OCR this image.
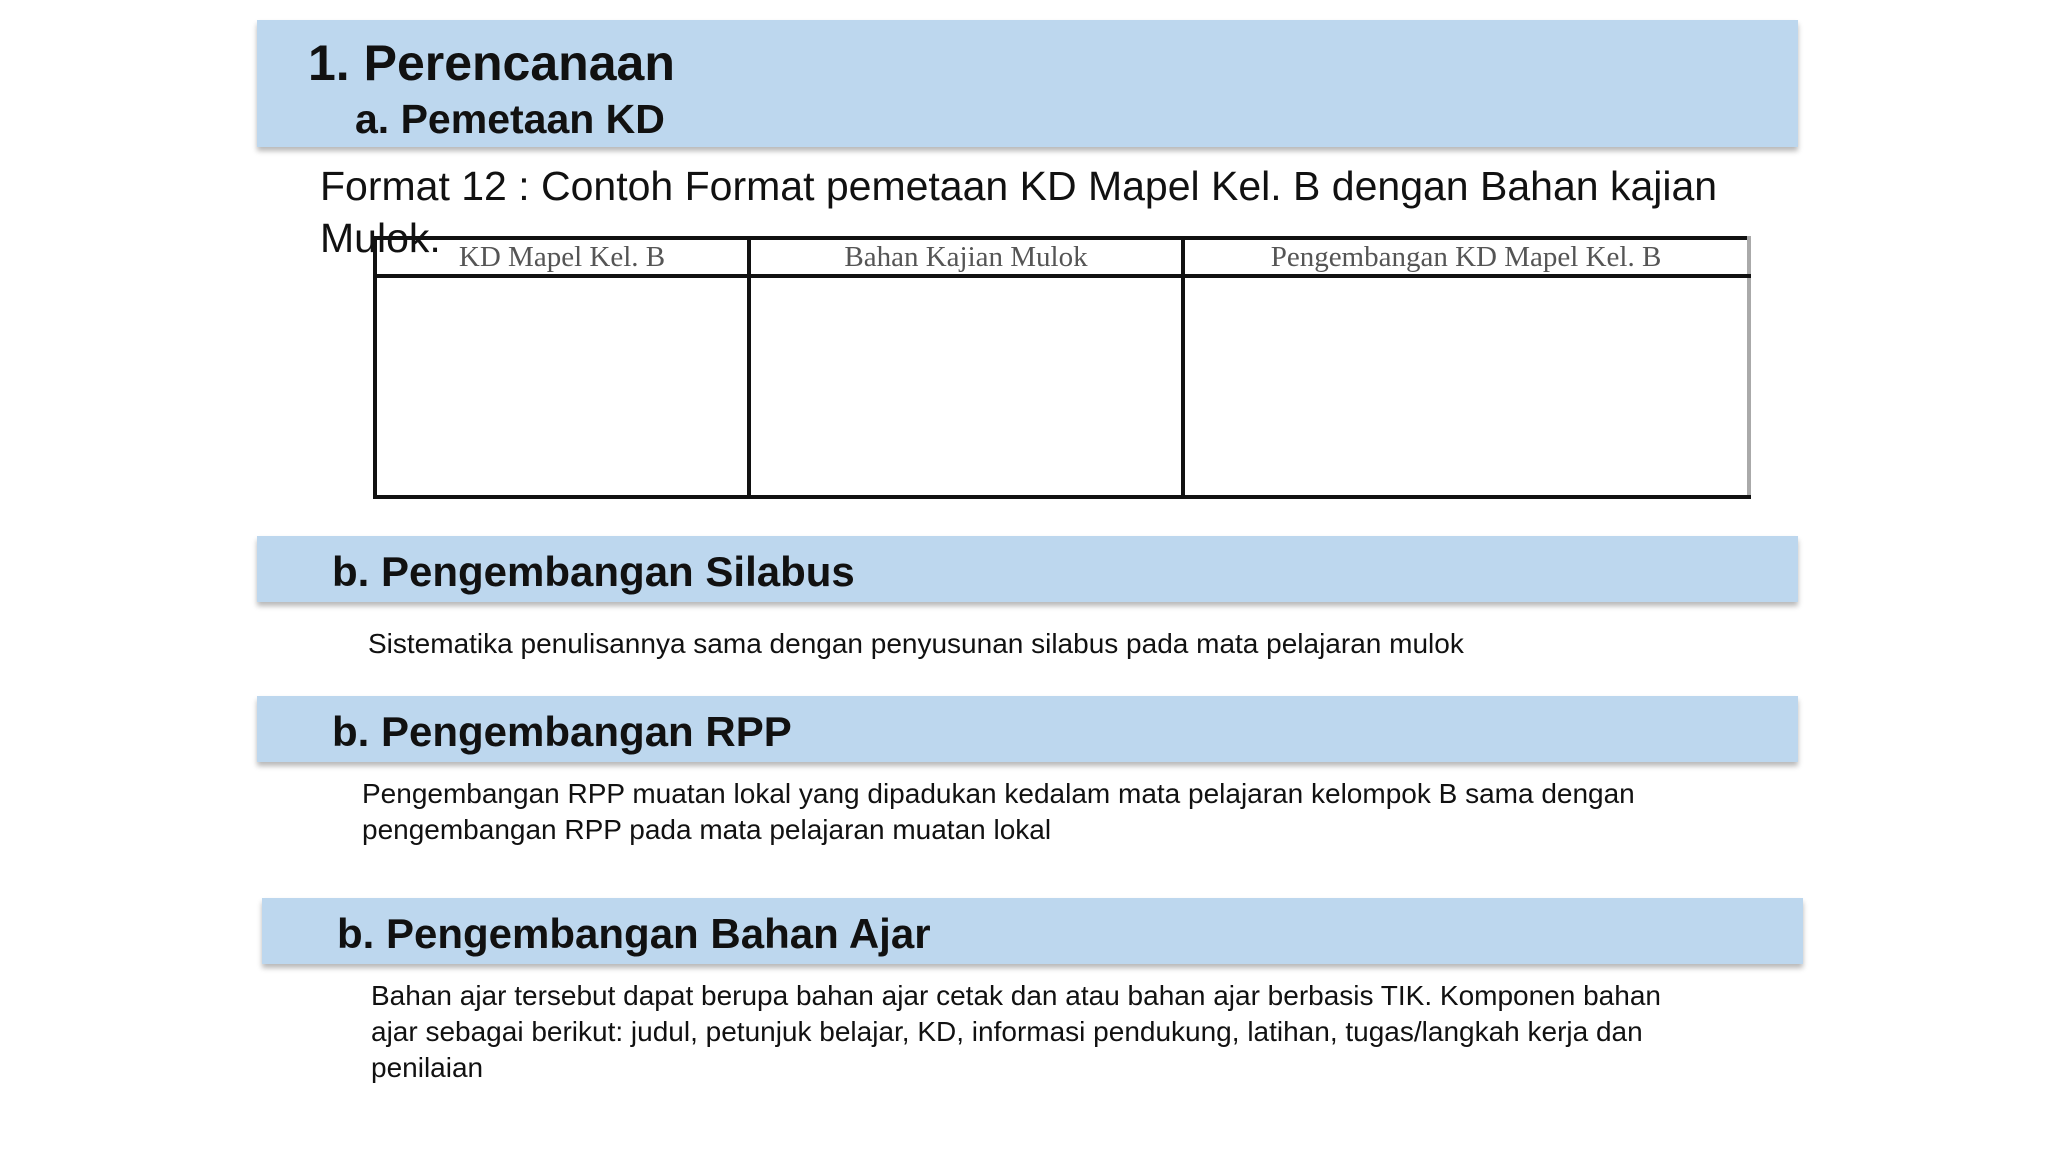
1. Perencanaan
a. Pemetaan KD

Format 12 : Contoh Format pemetaan KD Mapel Kel. B dengan Bahan kajian Mulok. KD Mapel Kel. B	Bahan Kajian Mulok	Pengembangan KD Mapel Kel. B

b. Pengembangan Silabus

Sistematika penulisannya sama dengan penyusunan silabus pada mata pelajaran mulok

b. Pengembangan RPP

Pengembangan RPP muatan lokal yang dipadukan kedalam mata pelajaran kelompok B sama dengan pengembangan RPP pada mata pelajaran muatan lokal

b. Pengembangan Bahan Ajar

Bahan ajar tersebut dapat berupa bahan ajar cetak dan atau bahan ajar berbasis TIK. Komponen bahan ajar sebagai berikut: judul, petunjuk belajar, KD, informasi pendukung, latihan, tugas/langkah kerja dan penilaian
